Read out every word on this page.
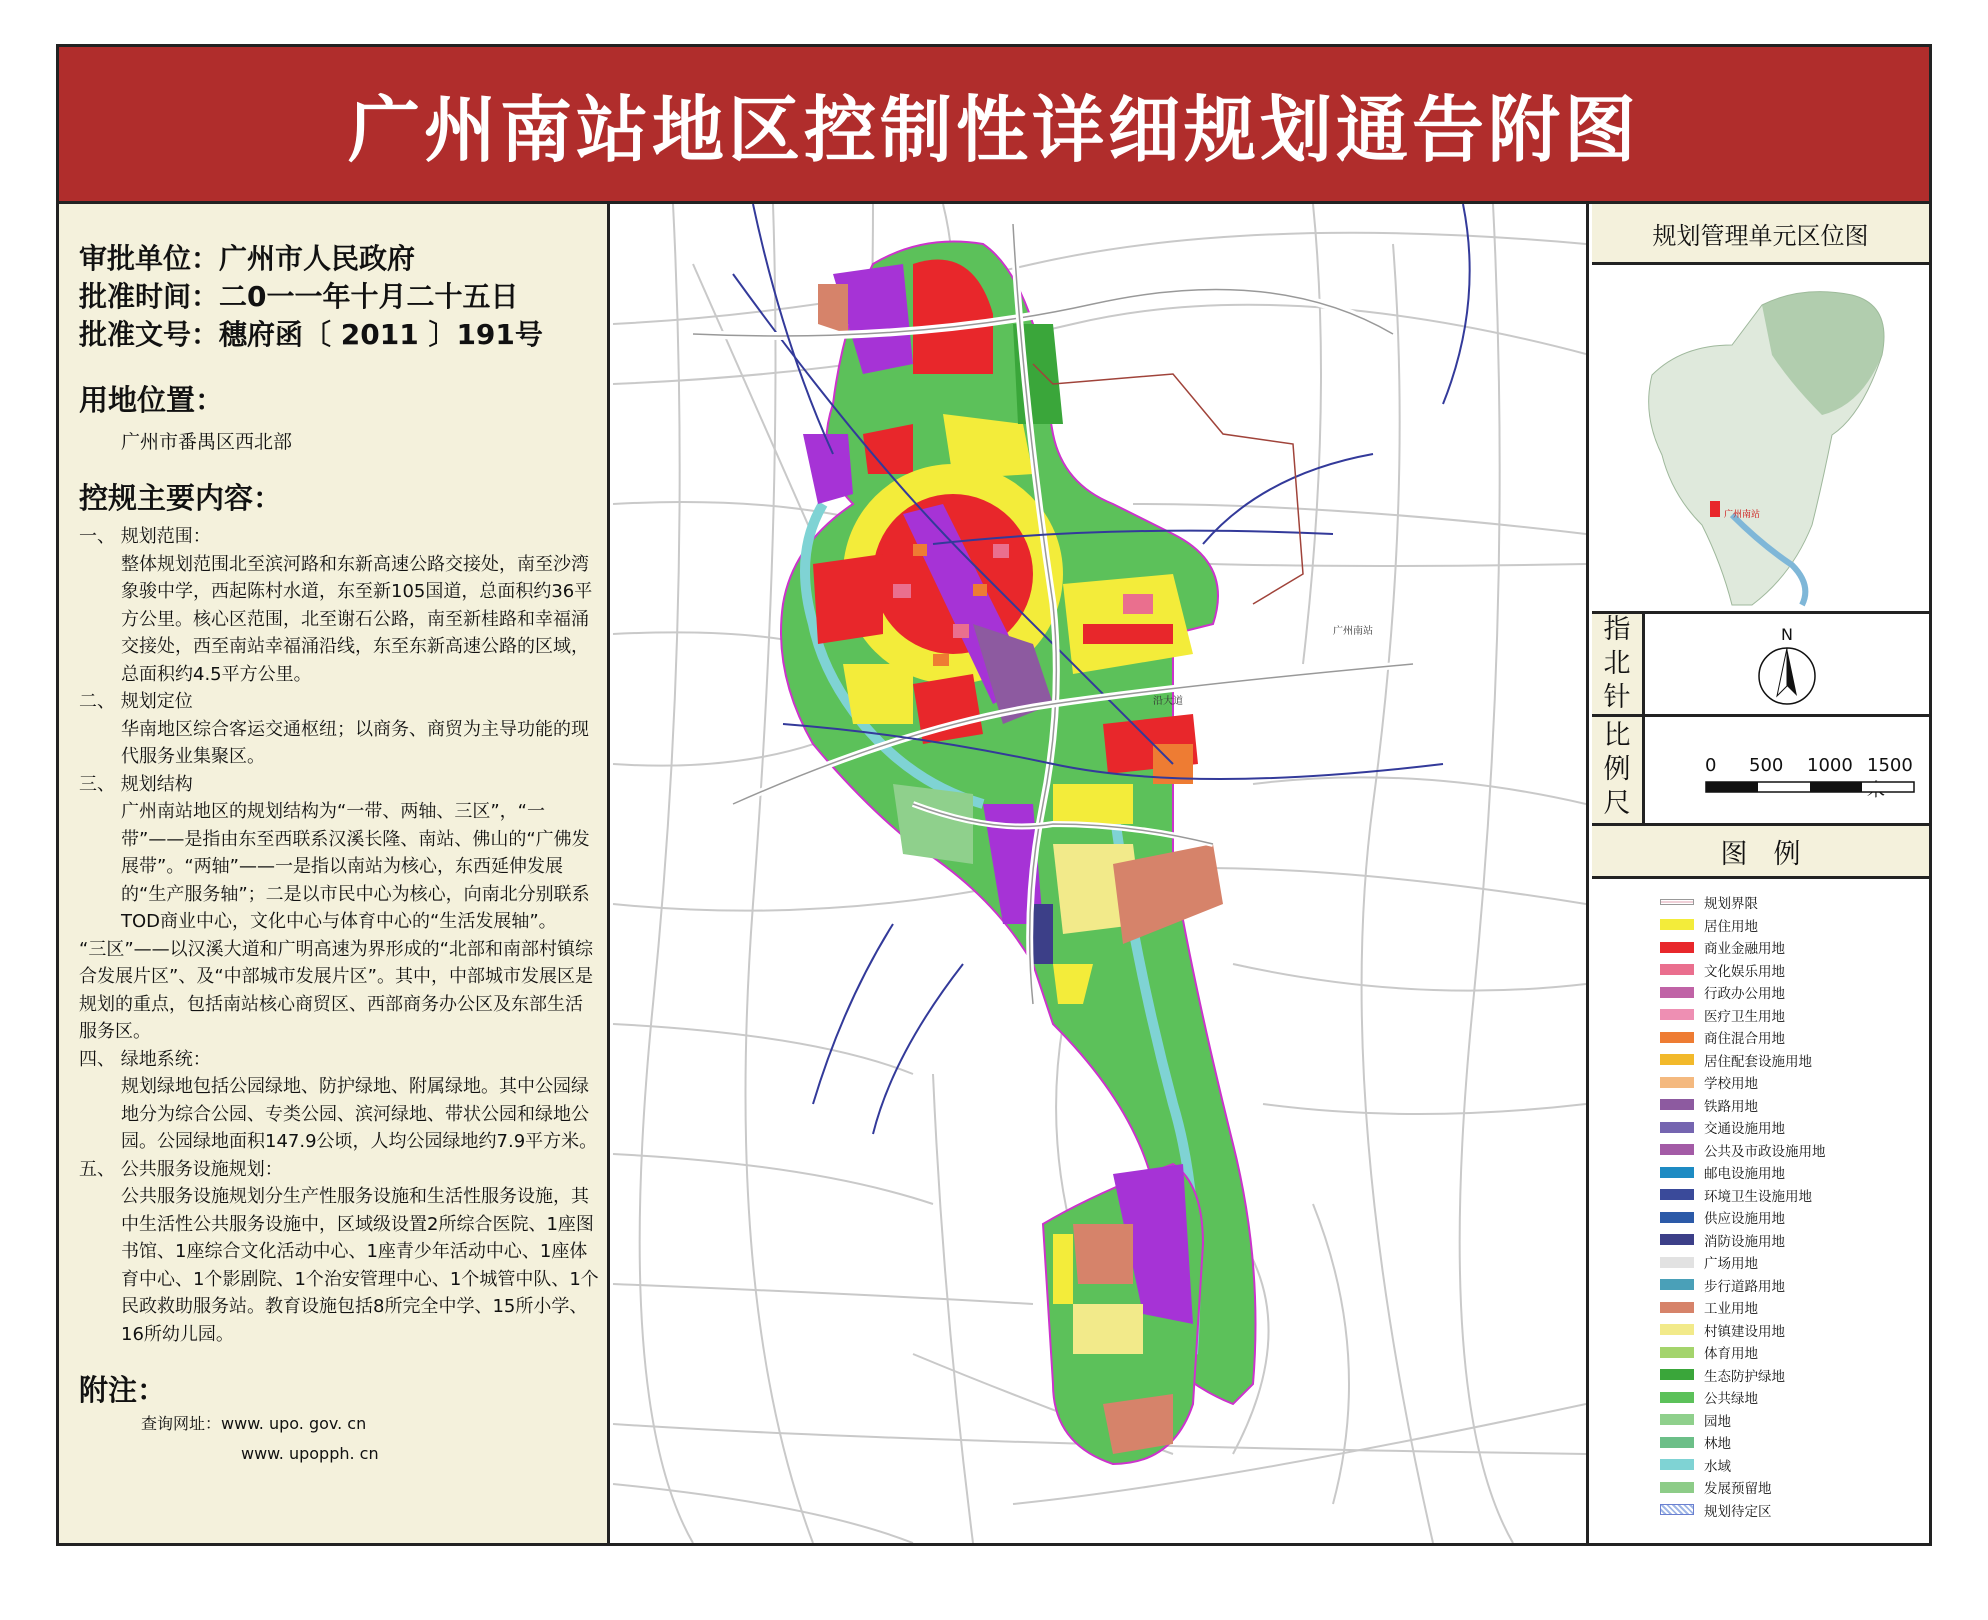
广州南站地区控制性详细规划通告附图
审批单位：广州市人民政府
批准时间：二0一一年十月二十五日
批准文号：穗府函〔 2011 〕191号
用地位置：
广州市番禺区西北部
控规主要内容：
一、 规划范围：
整体规划范围北至滨河路和东新高速公路交接处，南至沙湾象骏中学，西起陈村水道，东至新105国道，总面积约36平方公里。核心区范围，北至谢石公路，南至新桂路和幸福涌交接处，西至南站幸福涌沿线，东至东新高速公路的区域，总面积约4.5平方公里。
二、 规划定位
华南地区综合客运交通枢纽；以商务、商贸为主导功能的现代服务业集聚区。
三、 规划结构
广州南站地区的规划结构为“一带、两轴、三区”，“一带”——是指由东至西联系汉溪长隆、南站、佛山的“广佛发展带”。“两轴”——一是指以南站为核心，东西延伸发展的“生产服务轴”；二是以市民中心为核心，向南北分别联系TOD商业中心，文化中心与体育中心的“生活发展轴”。
“三区”——以汉溪大道和广明高速为界形成的“北部和南部村镇综合发展片区”、及“中部城市发展片区”。其中，中部城市发展区是规划的重点，包括南站核心商贸区、西部商务办公区及东部生活服务区。
四、 绿地系统：
规划绿地包括公园绿地、防护绿地、附属绿地。其中公园绿地分为综合公园、专类公园、滨河绿地、带状公园和绿地公园。公园绿地面积147.9公顷，人均公园绿地约7.9平方米。
五、 公共服务设施规划：
公共服务设施规划分生产性服务设施和生活性服务设施，其中生活性公共服务设施中，区域级设置2所综合医院、1座图书馆、1座综合文化活动中心、1座青少年活动中心、1座体育中心、1个影剧院、1个治安管理中心、1个城管中队、1个民政救助服务站。教育设施包括8所完全中学、15所小学、16所幼儿园。
附注：
查询网址：www. upo. gov. cn
www. upopph. cn
沿大道
广州南站
规划管理单元区位图
广州南站
指北针
N
比例尺
0 500 1000 1500
图例
规划界限
居住用地
商业金融用地
文化娱乐用地
行政办公用地
医疗卫生用地
商住混合用地
居住配套设施用地
学校用地
铁路用地
交通设施用地
公共及市政设施用地
邮电设施用地
环境卫生设施用地
供应设施用地
消防设施用地
广场用地
步行道路用地
工业用地
村镇建设用地
体育用地
生态防护绿地
公共绿地
园地
林地
水域
发展预留地
规划待定区
